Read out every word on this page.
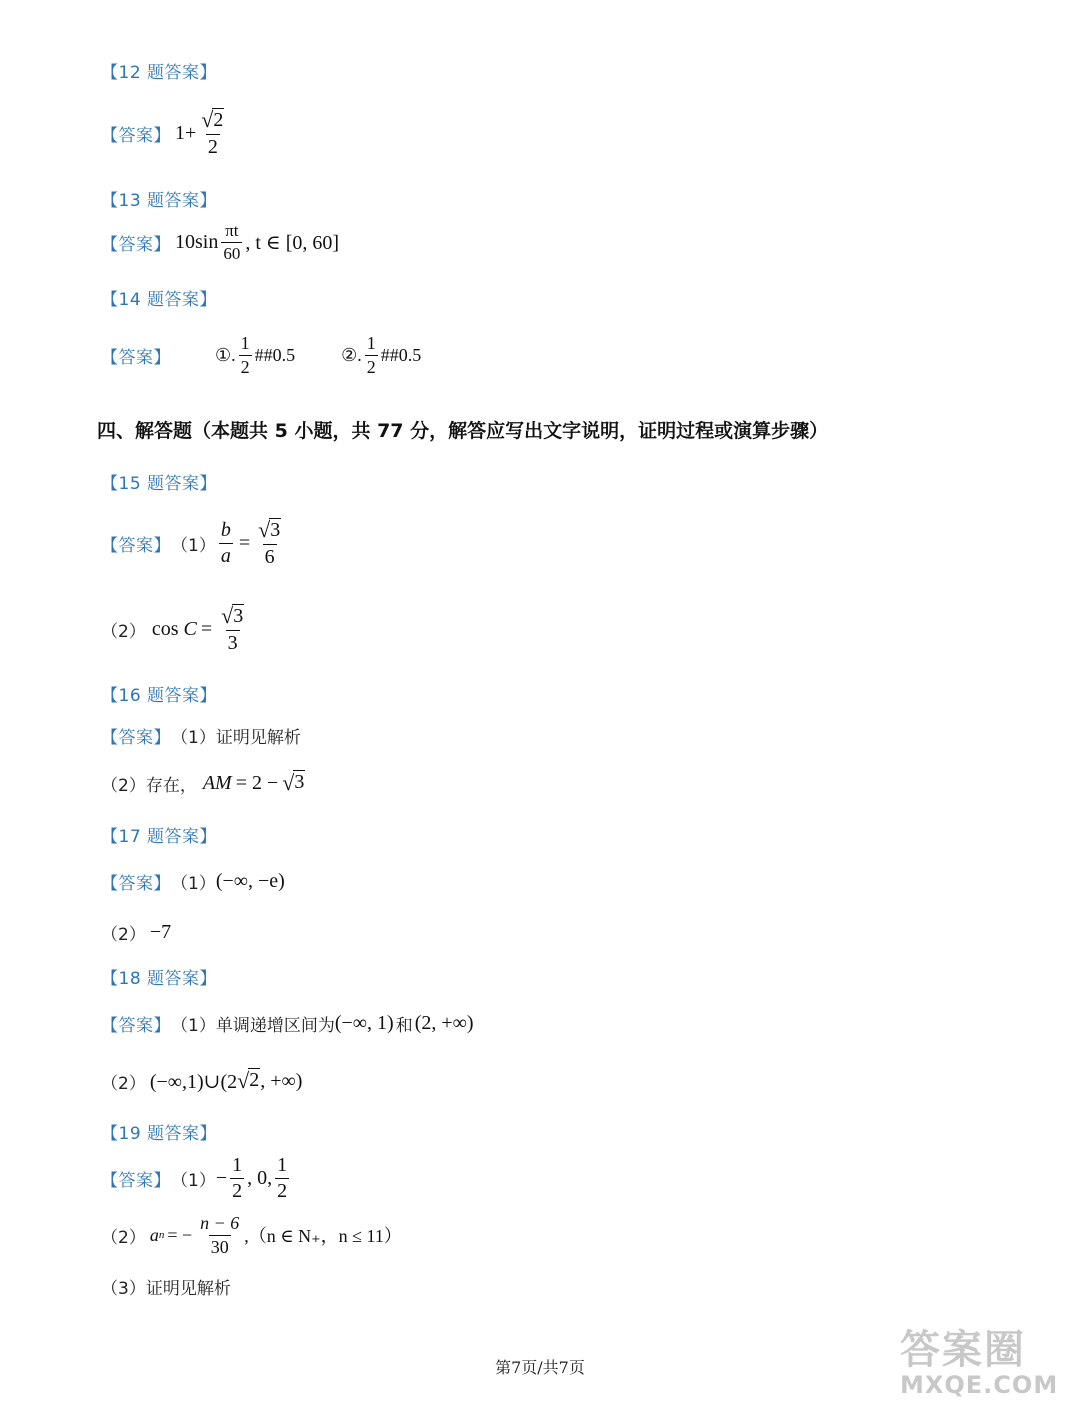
【12 题答案】
【答案】 $1+ \frac{√ 2}{2}$
【13 题答案】
【答案】 $10\sin \frac{\pi t}{60}$ , t ∈ [0, 60]
【14 题答案】
【答案】 ①. $\frac{1}{2}$ ##0.5	②. $\frac{1}{2}$ ##0.5
四、解答题（本题共 5 小题，共 77 分，解答应写出文字说明，证明过程或演算步骤）
【15 题答案】
【答案】 $(1) \frac{b}{a} = \frac{√ 3}{6}$
（2） $\cos C = \frac{√ 3}{3}$
【16 题答案】
【答案】 （1） 证明见解析
（2） 存在， AM = 2 − √ 3
【17 题答案】
【答案】 （1） (−∞, −e)
（2） −7
【18 题答案】
【答案】 （1） 单调递增区间为 (−∞, 1) 和 (2, +∞)
（2） (−∞,1)∪(2 √ 2 , +∞)
【19 题答案】
【答案】 $(1) - \frac{1}{2}$ , 0, $\frac{1}{2}$
（2） a n = − $\frac{n - 6}{30} ,(n$ ∈ N₊，n ≤ 11）
（3） 证明见解析
第7页/共7页	答案圈
MXQE.COM
